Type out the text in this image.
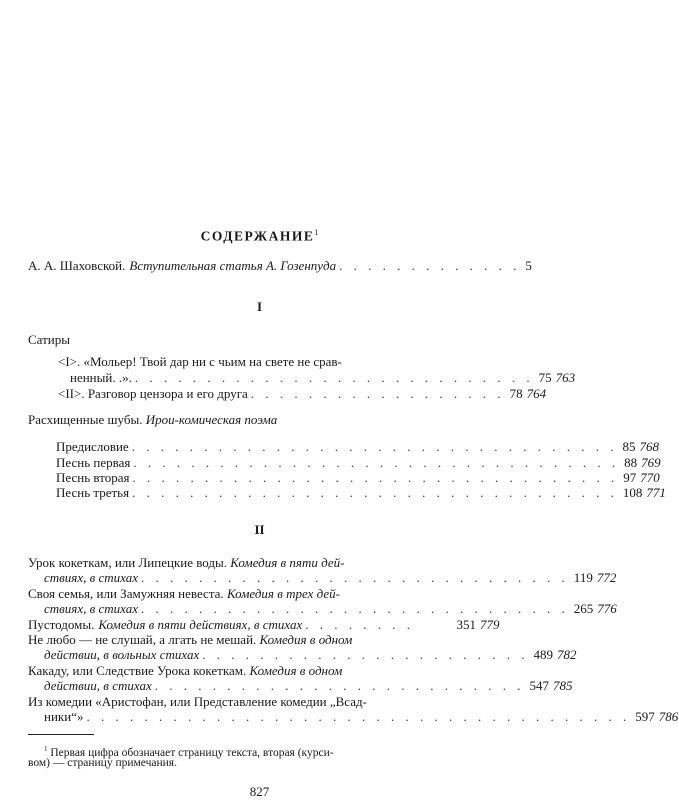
СОДЕРЖАНИЕ$^1$
А. А. Шаховской. Вступительная статья А. Гозенпуда . . . . . . . . . . . . . 5
I
Сатиры
<I>. «Мольер! Твой дар ни с чьим на свете не срав-
ненный. .». . . . . . . . . . . . . . . . . . . . . . . . . . . . . 75 763
<II>. Разговор цензора и его друга . . . . . . . . . . . . . . . . . . 78 764
Расхищенные шубы. Ирои-комическая поэма
Предисловие . . . . . . . . . . . . . . . . . . . . . . . . . . . . . . . . . . 85 768
Песнь первая . . . . . . . . . . . . . . . . . . . . . . . . . . . . . . . . . . 88 769
Песнь вторая . . . . . . . . . . . . . . . . . . . . . . . . . . . . . . . . . . 97 770
Песнь третья . . . . . . . . . . . . . . . . . . . . . . . . . . . . . . . . . . 108 771
II
Урок кокеткам, или Липецкие воды. Комедия в пяти дей-
ствиях, в стихах . . . . . . . . . . . . . . . . . . . . . . . . . . . . . . 119 772
Своя семья, или Замужняя невеста. Комедия в трех дей-
ствиях, в стихах . . . . . . . . . . . . . . . . . . . . . . . . . . . . . . 265 776
Пустодомы. Комедия в пяти действиях, в стихах . . . . . . . .	351 779
Не любо — не слушай, а лгать не мешай. Комедия в одном
действии, в вольных стихах . . . . . . . . . . . . . . . . . . . . . . . 489 782
Какаду, или Следствие Урока кокеткам. Комедия в одном
действии, в стихах . . . . . . . . . . . . . . . . . . . . . . . . . . 547 785
Из комедии «Аристофан, или Представление комедии „Всад-
ники“» . . . . . . . . . . . . . . . . . . . . . . . . . . . . . . . . . . . . . . 597 786
$^1$ Первая цифра обозначает страницу текста, вторая (курси-
вом) — страницу примечания.
827
